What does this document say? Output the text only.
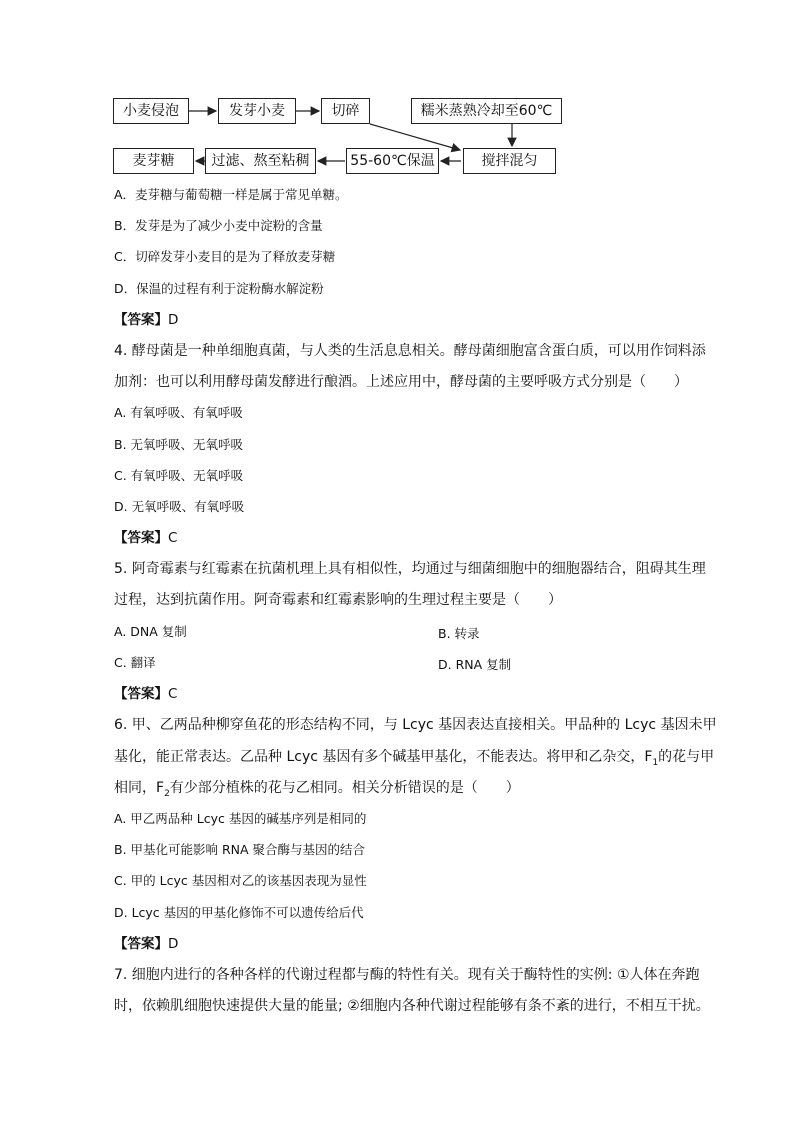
小麦侵泡	发芽小麦	切碎	糯米蒸熟冷却至60℃
搅拌混匀
55-60℃保温
过滤、熬至粘稠
麦芽糖
A．麦芽糖与葡萄糖一样是属于常见单糖。
B．发芽是为了减少小麦中淀粉的含量
C．切碎发芽小麦目的是为了释放麦芽糖
D．保温的过程有利于淀粉酶水解淀粉
【答案】D
4. 酵母菌是一种单细胞真菌，与人类的生活息息相关。酵母菌细胞富含蛋白质，可以用作饲料添
加剂：也可以利用酵母菌发酵进行酿酒。上述应用中，酵母菌的主要呼吸方式分别是（　　）
A. 有氧呼吸、有氧呼吸
B. 无氧呼吸、无氧呼吸
C. 有氧呼吸、无氧呼吸
D. 无氧呼吸、有氧呼吸
【答案】C
5. 阿奇霉素与红霉素在抗菌机理上具有相似性，均通过与细菌细胞中的细胞器结合，阻碍其生理
过程，达到抗菌作用。阿奇霉素和红霉素影响的生理过程主要是（　　）
A. DNA 复制	B. 转录
C. 翻译	D. RNA 复制
【答案】C
6. 甲、乙两品种柳穿鱼花的形态结构不同，与 Lcyc 基因表达直接相关。甲品种的 Lcyc 基因未甲
基化，能正常表达。乙品种 Lcyc 基因有多个碱基甲基化，不能表达。将甲和乙杂交，$F_1$的花与甲
相同，$F_2$有少部分植株的花与乙相同。相关分析错误的是（　　）
A. 甲乙两品种 Lcyc 基因的碱基序列是相同的
B. 甲基化可能影响 RNA 聚合酶与基因的结合
C. 甲的 Lcyc 基因相对乙的该基因表现为显性
D. Lcyc 基因的甲基化修饰不可以遗传给后代
【答案】D
7. 细胞内进行的各种各样的代谢过程都与酶的特性有关。现有关于酶特性的实例: ①人体在奔跑
时，依赖肌细胞快速提供大量的能量; ②细胞内各种代谢过程能够有条不紊的进行，不相互干扰。
